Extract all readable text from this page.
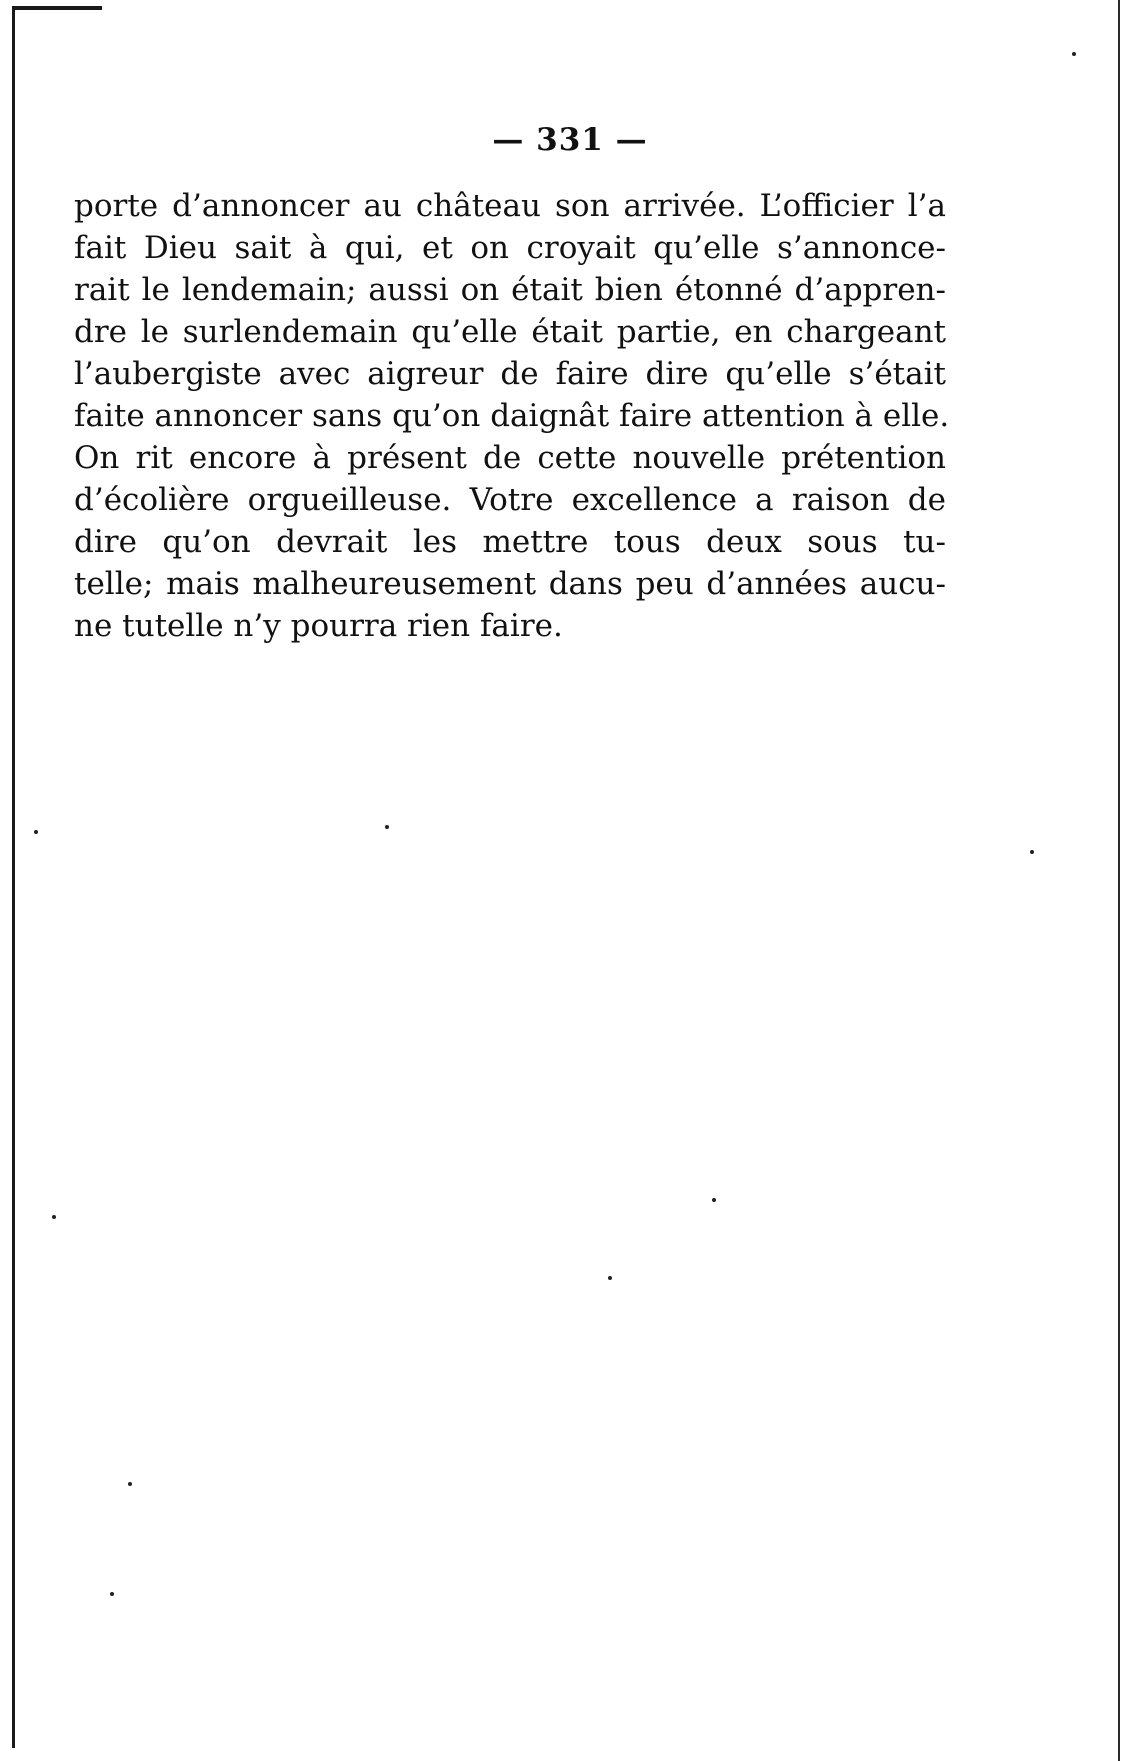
— 331 —
porte d’annoncer au château son arrivée. L’officier l’a
fait Dieu sait à qui, et on croyait qu’elle s’annonce-
rait le lendemain; aussi on était bien étonné d’appren-
dre le surlendemain qu’elle était partie, en chargeant
l’aubergiste avec aigreur de faire dire qu’elle s’était
faite annoncer sans qu’on daignât faire attention à elle.
On rit encore à présent de cette nouvelle prétention
d’écolière orgueilleuse. Votre excellence a raison de
dire qu’on devrait les mettre tous deux sous tu-
telle; mais malheureusement dans peu d’années aucu-
ne tutelle n’y pourra rien faire.
